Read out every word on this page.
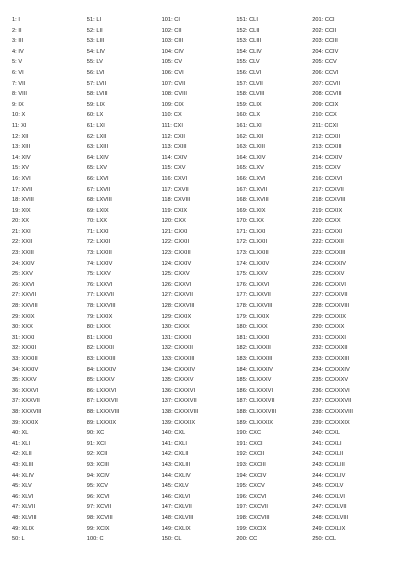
1: I
2: II
3: III
4: IV
5: V
6: VI
7: VII
8: VIII
9: IX
10: X
11: XI
12: XII
13: XIII
14: XIV
15: XV
16: XVI
17: XVII
18: XVIII
19: XIX
20: XX
21: XXI
22: XXII
23: XXIII
24: XXIV
25: XXV
26: XXVI
27: XXVII
28: XXVIII
29: XXIX
30: XXX
31: XXXI
32: XXXII
33: XXXIII
34: XXXIV
35: XXXV
36: XXXVI
37: XXXVII
38: XXXVIII
39: XXXIX
40: XL
41: XLI
42: XLII
43: XLIII
44: XLIV
45: XLV
46: XLVI
47: XLVII
48: XLVIII
49: XLIX
50: L
51: LI
52: LII
53: LIII
54: LIV
55: LV
56: LVI
57: LVII
58: LVIII
59: LIX
60: LX
61: LXI
62: LXII
63: LXIII
64: LXIV
65: LXV
66: LXVI
67: LXVII
68: LXVIII
69: LXIX
70: LXX
71: LXXI
72: LXXII
73: LXXIII
74: LXXIV
75: LXXV
76: LXXVI
77: LXXVII
78: LXXVIII
79: LXXIX
80: LXXX
81: LXXXI
82: LXXXII
83: LXXXIII
84: LXXXIV
85: LXXXV
86: LXXXVI
87: LXXXVII
88: LXXXVIII
89: LXXXIX
90: XC
91: XCI
92: XCII
93: XCIII
94: XCIV
95: XCV
96: XCVI
97: XCVII
98: XCVIII
99: XCIX
100: C
101: CI
102: CII
103: CIII
104: CIV
105: CV
106: CVI
107: CVII
108: CVIII
109: CIX
110: CX
111: CXI
112: CXII
113: CXIII
114: CXIV
115: CXV
116: CXVI
117: CXVII
118: CXVIII
119: CXIX
120: CXX
121: CXXI
122: CXXII
123: CXXIII
124: CXXIV
125: CXXV
126: CXXVI
127: CXXVII
128: CXXVIII
129: CXXIX
130: CXXX
131: CXXXI
132: CXXXII
133: CXXXIII
134: CXXXIV
135: CXXXV
136: CXXXVI
137: CXXXVII
138: CXXXVIII
139: CXXXIX
140: CXL
141: CXLI
142: CXLII
143: CXLIII
144: CXLIV
145: CXLV
146: CXLVI
147: CXLVII
148: CXLVIII
149: CXLIX
150: CL
151: CLI
152: CLII
153: CLIII
154: CLIV
155: CLV
156: CLVI
157: CLVII
158: CLVIII
159: CLIX
160: CLX
161: CLXI
162: CLXII
163: CLXIII
164: CLXIV
165: CLXV
166: CLXVI
167: CLXVII
168: CLXVIII
169: CLXIX
170: CLXX
171: CLXXI
172: CLXXII
173: CLXXIII
174: CLXXIV
175: CLXXV
176: CLXXVI
177: CLXXVII
178: CLXXVIII
179: CLXXIX
180: CLXXX
181: CLXXXI
182: CLXXXII
183: CLXXXIII
184: CLXXXIV
185: CLXXXV
186: CLXXXVI
187: CLXXXVII
188: CLXXXVIII
189: CLXXXIX
190: CXC
191: CXCI
192: CXCII
193: CXCIII
194: CXCIV
195: CXCV
196: CXCVI
197: CXCVII
198: CXCVIII
199: CXCIX
200: CC
201: CCI
202: CCII
203: CCIII
204: CCIV
205: CCV
206: CCVI
207: CCVII
208: CCVIII
209: CCIX
210: CCX
211: CCXI
212: CCXII
213: CCXIII
214: CCXIV
215: CCXV
216: CCXVI
217: CCXVII
218: CCXVIII
219: CCXIX
220: CCXX
221: CCXXI
222: CCXXII
223: CCXXIII
224: CCXXIV
225: CCXXV
226: CCXXVI
227: CCXXVII
228: CCXXVIII
229: CCXXIX
230: CCXXX
231: CCXXXI
232: CCXXXII
233: CCXXXIII
234: CCXXXIV
235: CCXXXV
236: CCXXXVI
237: CCXXXVII
238: CCXXXVIII
239: CCXXXIX
240: CCXL
241: CCXLI
242: CCXLII
243: CCXLIII
244: CCXLIV
245: CCXLV
246: CCXLVI
247: CCXLVII
248: CCXLVIII
249: CCXLIX
250: CCL
